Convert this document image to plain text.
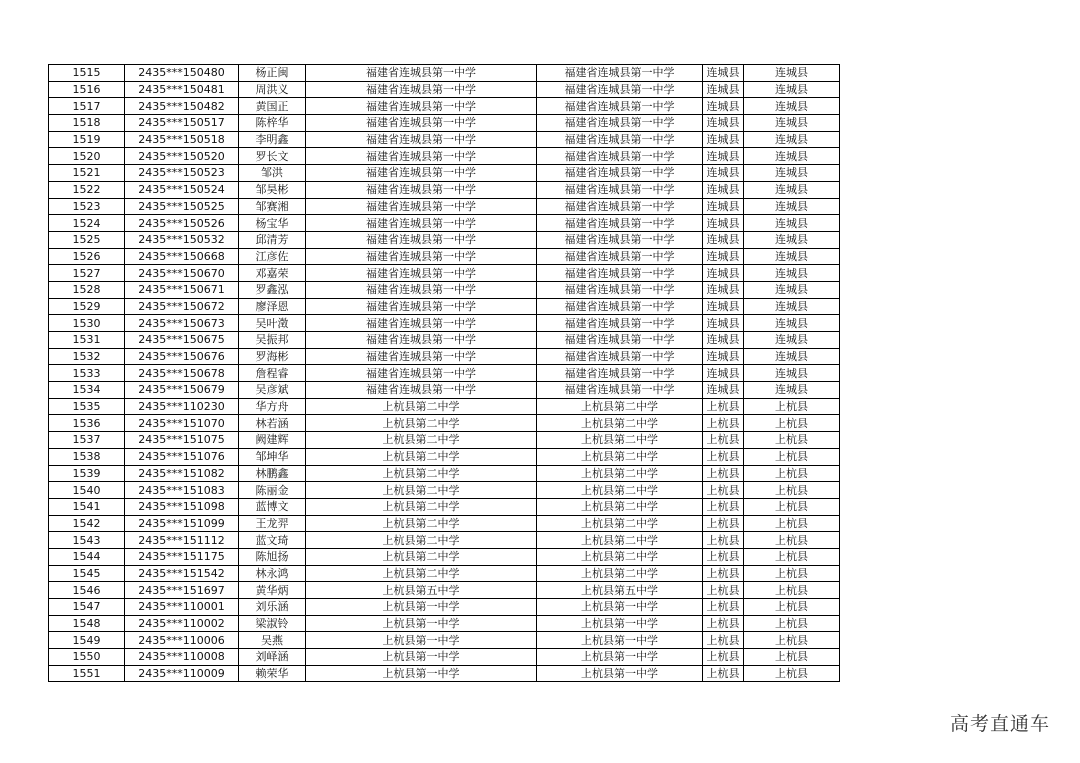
1515	2435***150480	杨正闽	福建省连城县第一中学	福建省连城县第一中学	连城县	连城县
1516	2435***150481	周洪义	福建省连城县第一中学	福建省连城县第一中学	连城县	连城县
1517	2435***150482	黄国正	福建省连城县第一中学	福建省连城县第一中学	连城县	连城县
1518	2435***150517	陈梓华	福建省连城县第一中学	福建省连城县第一中学	连城县	连城县
1519	2435***150518	李明鑫	福建省连城县第一中学	福建省连城县第一中学	连城县	连城县
1520	2435***150520	罗长文	福建省连城县第一中学	福建省连城县第一中学	连城县	连城县
1521	2435***150523	邹洪	福建省连城县第一中学	福建省连城县第一中学	连城县	连城县
1522	2435***150524	邹昊彬	福建省连城县第一中学	福建省连城县第一中学	连城县	连城县
1523	2435***150525	邹赛湘	福建省连城县第一中学	福建省连城县第一中学	连城县	连城县
1524	2435***150526	杨宝华	福建省连城县第一中学	福建省连城县第一中学	连城县	连城县
1525	2435***150532	邱清芳	福建省连城县第一中学	福建省连城县第一中学	连城县	连城县
1526	2435***150668	江彦佐	福建省连城县第一中学	福建省连城县第一中学	连城县	连城县
1527	2435***150670	邓嘉荣	福建省连城县第一中学	福建省连城县第一中学	连城县	连城县
1528	2435***150671	罗鑫泓	福建省连城县第一中学	福建省连城县第一中学	连城县	连城县
1529	2435***150672	廖泽恩	福建省连城县第一中学	福建省连城县第一中学	连城县	连城县
1530	2435***150673	吴叶澂	福建省连城县第一中学	福建省连城县第一中学	连城县	连城县
1531	2435***150675	吴振邦	福建省连城县第一中学	福建省连城县第一中学	连城县	连城县
1532	2435***150676	罗海彬	福建省连城县第一中学	福建省连城县第一中学	连城县	连城县
1533	2435***150678	詹程睿	福建省连城县第一中学	福建省连城县第一中学	连城县	连城县
1534	2435***150679	吴彦斌	福建省连城县第一中学	福建省连城县第一中学	连城县	连城县
1535	2435***110230	华方舟	上杭县第二中学	上杭县第二中学	上杭县	上杭县
1536	2435***151070	林若涵	上杭县第二中学	上杭县第二中学	上杭县	上杭县
1537	2435***151075	阙建辉	上杭县第二中学	上杭县第二中学	上杭县	上杭县
1538	2435***151076	邹坤华	上杭县第二中学	上杭县第二中学	上杭县	上杭县
1539	2435***151082	林鹏鑫	上杭县第二中学	上杭县第二中学	上杭县	上杭县
1540	2435***151083	陈丽金	上杭县第二中学	上杭县第二中学	上杭县	上杭县
1541	2435***151098	蓝博文	上杭县第二中学	上杭县第二中学	上杭县	上杭县
1542	2435***151099	王龙羿	上杭县第二中学	上杭县第二中学	上杭县	上杭县
1543	2435***151112	蓝文琦	上杭县第二中学	上杭县第二中学	上杭县	上杭县
1544	2435***151175	陈旭扬	上杭县第二中学	上杭县第二中学	上杭县	上杭县
1545	2435***151542	林永鸿	上杭县第二中学	上杭县第二中学	上杭县	上杭县
1546	2435***151697	黄华炳	上杭县第五中学	上杭县第五中学	上杭县	上杭县
1547	2435***110001	刘乐涵	上杭县第一中学	上杭县第一中学	上杭县	上杭县
1548	2435***110002	梁淑铃	上杭县第一中学	上杭县第一中学	上杭县	上杭县
1549	2435***110006	吴燕	上杭县第一中学	上杭县第一中学	上杭县	上杭县
1550	2435***110008	刘峄涵	上杭县第一中学	上杭县第一中学	上杭县	上杭县
1551	2435***110009	赖荣华	上杭县第一中学	上杭县第一中学	上杭县	上杭县
高考直通车
